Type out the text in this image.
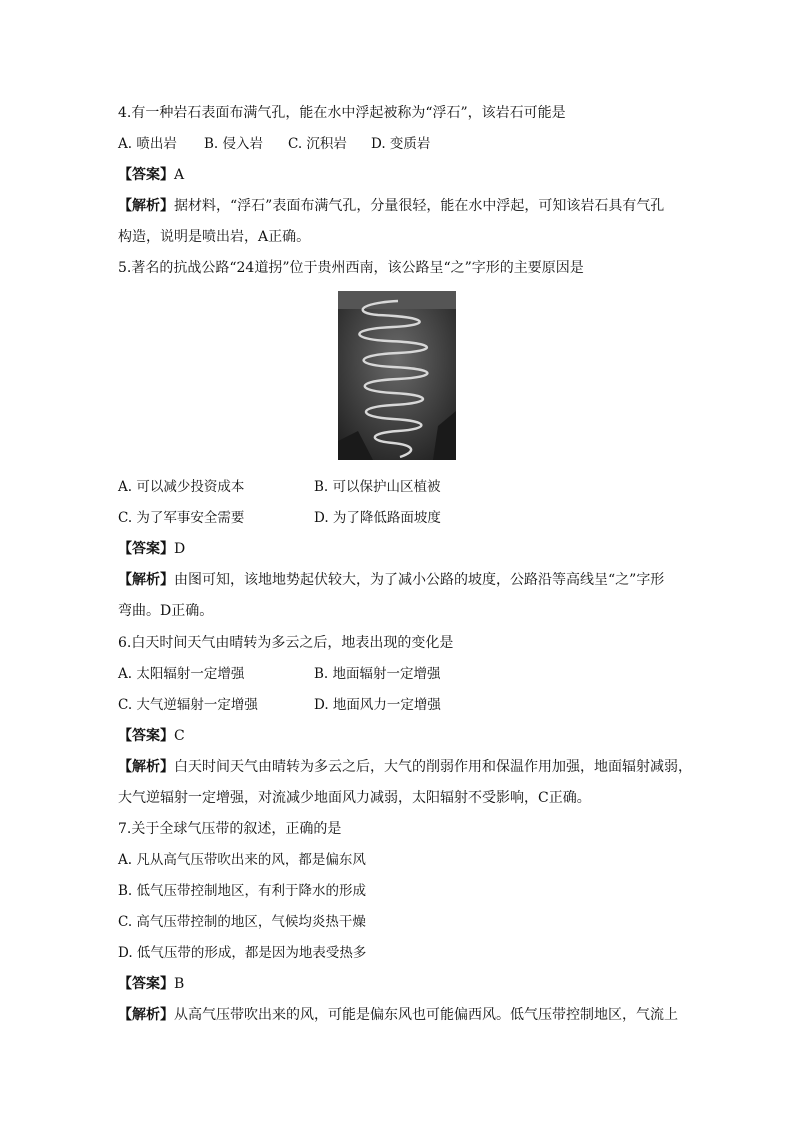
4.有一种岩石表面布满气孔，能在水中浮起被称为“浮石”，该岩石可能是
A. 喷出岩 B. 侵入岩 C. 沉积岩 D. 变质岩
【答案】A
【解析】据材料，“浮石”表面布满气孔，分量很轻，能在水中浮起，可知该岩石具有气孔
构造，说明是喷出岩，A正确。
5.著名的抗战公路“24道拐”位于贵州西南，该公路呈“之”字形的主要原因是
A. 可以减少投资成本	B. 可以保护山区植被
C. 为了军事安全需要	D. 为了降低路面坡度
【答案】D
【解析】由图可知，该地地势起伏较大，为了减小公路的坡度，公路沿等高线呈“之”字形
弯曲。D正确。
6.白天时间天气由晴转为多云之后，地表出现的变化是
A. 太阳辐射一定增强	B. 地面辐射一定增强
C. 大气逆辐射一定增强	D. 地面风力一定增强
【答案】C
【解析】白天时间天气由晴转为多云之后，大气的削弱作用和保温作用加强，地面辐射减弱，
大气逆辐射一定增强，对流减少地面风力减弱，太阳辐射不受影响，C正确。
7.关于全球气压带的叙述，正确的是
A. 凡从高气压带吹出来的风，都是偏东风
B. 低气压带控制地区，有利于降水的形成
C. 高气压带控制的地区，气候均炎热干燥
D. 低气压带的形成，都是因为地表受热多
【答案】B
【解析】从高气压带吹出来的风，可能是偏东风也可能偏西风。低气压带控制地区，气流上
